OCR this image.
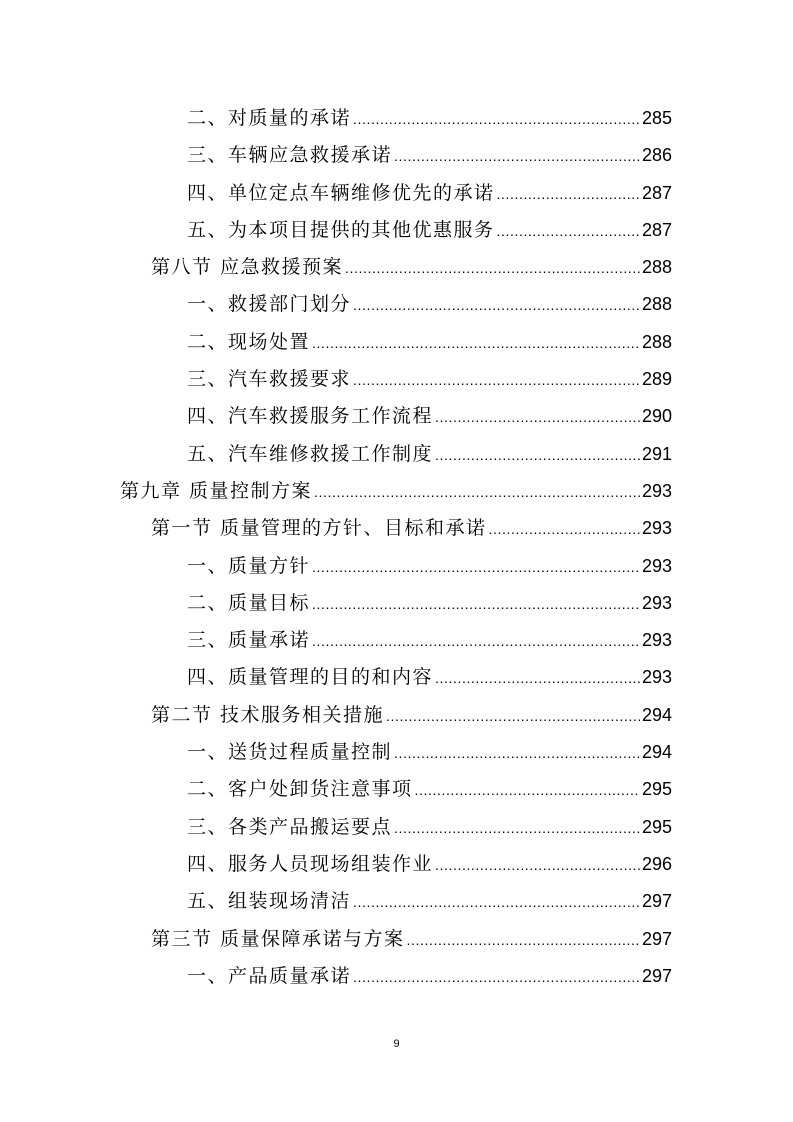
二、对质量的承诺 .....	285
三、车辆应急救援承诺 .....	286
四、单位定点车辆维修优先的承诺 .....	287
五、为本项目提供的其他优惠服务 .....	287
第八节 应急救援预案 .....	288
一、救援部门划分 .....	288
二、现场处置 .....	288
三、汽车救援要求 .....	289
四、汽车救援服务工作流程 .....	290
五、汽车维修救援工作制度 .....	291
第九章 质量控制方案 .....	293
第一节 质量管理的方针、目标和承诺 .....	293
一、质量方针 .....	293
二、质量目标 .....	293
三、质量承诺 .....	293
四、质量管理的目的和内容 .....	293
第二节 技术服务相关措施 .....	294
一、送货过程质量控制 .....	294
二、客户处卸货注意事项 .....	295
三、各类产品搬运要点 .....	295
四、服务人员现场组装作业 .....	296
五、组装现场清洁 .....	297
第三节 质量保障承诺与方案 .....	297
一、产品质量承诺 .....	297
9
